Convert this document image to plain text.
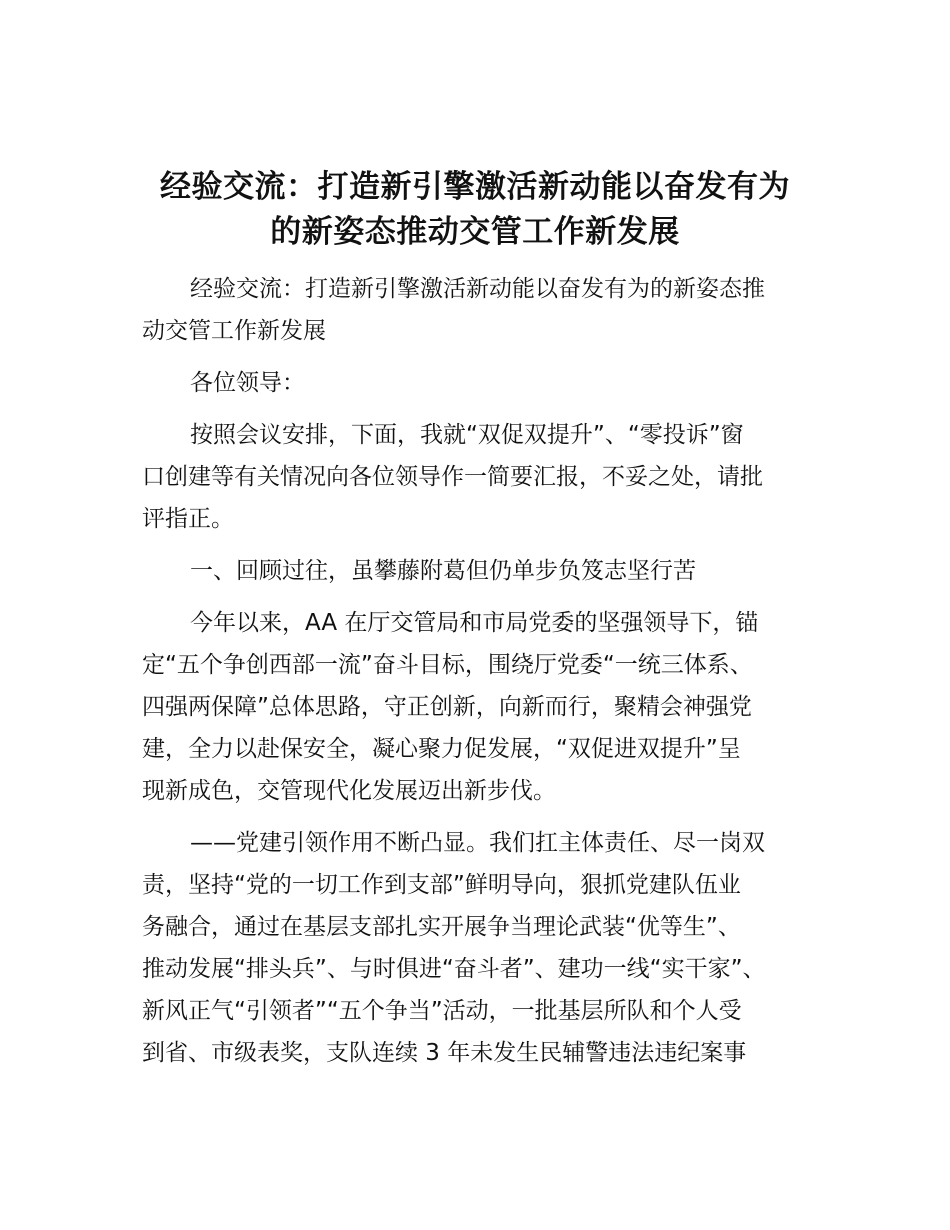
经验交流：打造新引擎激活新动能以奋发有为
的新姿态推动交管工作新发展

经验交流：打造新引擎激活新动能以奋发有为的新姿态推
动交管工作新发展

各位领导：

按照会议安排，下面，我就“双促双提升”、“零投诉”窗
口创建等有关情况向各位领导作一简要汇报，不妥之处，请批
评指正。

一、回顾过往，虽攀藤附葛但仍单步负笈志坚行苦

今年以来，AA 在厅交管局和市局党委的坚强领导下，锚
定“五个争创西部一流”奋斗目标，围绕厅党委“一统三体系、
四强两保障”总体思路，守正创新，向新而行，聚精会神强党
建，全力以赴保安全，凝心聚力促发展，“双促进双提升”呈
现新成色，交管现代化发展迈出新步伐。

——党建引领作用不断凸显。我们扛主体责任、尽一岗双
责，坚持“党的一切工作到支部”鲜明导向，狠抓党建队伍业
务融合，通过在基层支部扎实开展争当理论武装“优等生”、
推动发展“排头兵”、与时俱进“奋斗者”、建功一线“实干家”、
新风正气“引领者”“五个争当”活动，一批基层所队和个人受
到省、市级表奖，支队连续 3 年未发生民辅警违法违纪案事
